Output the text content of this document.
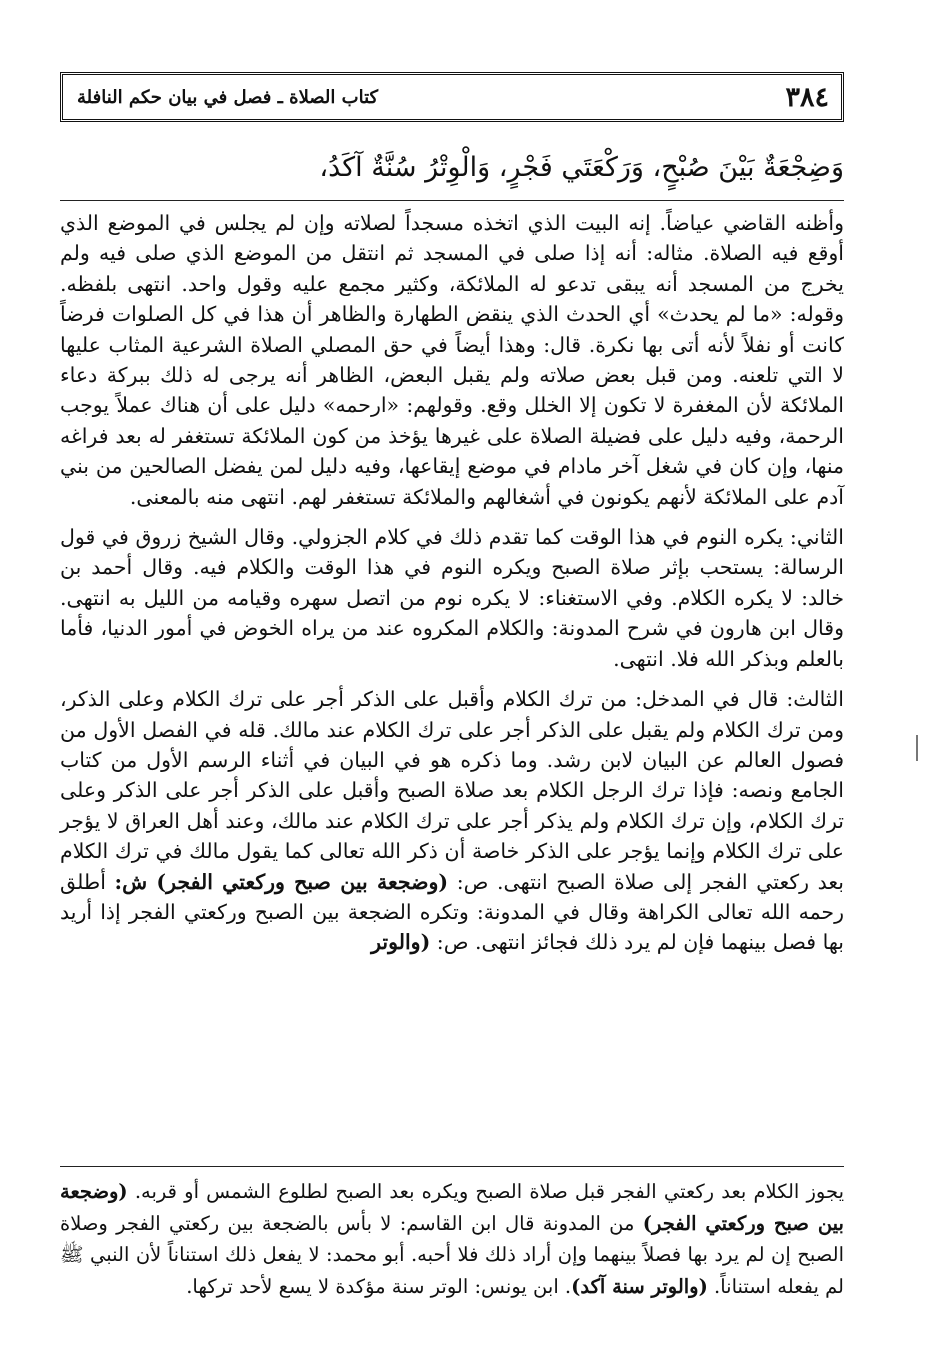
٣٨٤
كتاب الصلاة ـ فصل في بيان حكم النافلة
وَضِجْعَةٌ بَيْنَ صُبْحٍ، وَرَكْعَتَي فَجْرٍ، وَالْوِتْرُ سُنَّةٌ آكَدُ،

وأظنه القاضي عياضاً. إنه البيت الذي اتخذه مسجداً لصلاته وإن لم يجلس في الموضع الذي أوقع فيه الصلاة. مثاله: أنه إذا صلى في المسجد ثم انتقل من الموضع الذي صلى فيه ولم يخرج من المسجد أنه يبقى تدعو له الملائكة، وكثير مجمع عليه وقول واحد. انتهى بلفظه. وقوله: «ما لم يحدث» أي الحدث الذي ينقض الطهارة والظاهر أن هذا في كل الصلوات فرضاً كانت أو نفلاً لأنه أتى بها نكرة. قال: وهذا أيضاً في حق المصلي الصلاة الشرعية المثاب عليها لا التي تلعنه. ومن قبل بعض صلاته ولم يقبل البعض، الظاهر أنه يرجى له ذلك ببركة دعاء الملائكة لأن المغفرة لا تكون إلا الخلل وقع. وقولهم: «ارحمه» دليل على أن هناك عملاً يوجب الرحمة، وفيه دليل على فضيلة الصلاة على غيرها يؤخذ من كون الملائكة تستغفر له بعد فراغه منها، وإن كان في شغل آخر مادام في موضع إيقاعها، وفيه دليل لمن يفضل الصالحين من بني آدم على الملائكة لأنهم يكونون في أشغالهم والملائكة تستغفر لهم. انتهى منه بالمعنى.

الثاني: يكره النوم في هذا الوقت كما تقدم ذلك في كلام الجزولي. وقال الشيخ زروق في قول الرسالة: يستحب بإثر صلاة الصبح ويكره النوم في هذا الوقت والكلام فيه. وقال أحمد بن خالد: لا يكره الكلام. وفي الاستغناء: لا يكره نوم من اتصل سهره وقيامه من الليل به انتهى. وقال ابن هارون في شرح المدونة: والكلام المكروه عند من يراه الخوض في أمور الدنيا، فأما بالعلم وبذكر الله فلا. انتهى.

الثالث: قال في المدخل: من ترك الكلام وأقبل على الذكر أجر على ترك الكلام وعلى الذكر، ومن ترك الكلام ولم يقبل على الذكر أجر على ترك الكلام عند مالك. قله في الفصل الأول من فصول العالم عن البيان لابن رشد. وما ذكره هو في البيان في أثناء الرسم الأول من كتاب الجامع ونصه: فإذا ترك الرجل الكلام بعد صلاة الصبح وأقبل على الذكر أجر على الذكر وعلى ترك الكلام، وإن ترك الكلام ولم يذكر أجر على ترك الكلام عند مالك، وعند أهل العراق لا يؤجر على ترك الكلام وإنما يؤجر على الذكر خاصة أن ذكر الله تعالى كما يقول مالك في ترك الكلام بعد ركعتي الفجر إلى صلاة الصبح انتهى. ص: (وضجعة بين صبح وركعتي الفجر) ش: أطلق رحمه الله تعالى الكراهة وقال في المدونة: وتكره الضجعة بين الصبح وركعتي الفجر إذا أريد بها فصل بينهما فإن لم يرد ذلك فجائز انتهى. ص: (والوتر

يجوز الكلام بعد ركعتي الفجر قبل صلاة الصبح ويكره بعد الصبح لطلوع الشمس أو قربه. (وضجعة بين صبح وركعتي الفجر) من المدونة قال ابن القاسم: لا بأس بالضجعة بين ركعتي الفجر وصلاة الصبح إن لم يرد بها فصلاً بينهما وإن أراد ذلك فلا أحبه. أبو محمد: لا يفعل ذلك استناناً لأن النبي ﷺ لم يفعله استناناً. (والوتر سنة آكد). ابن يونس: الوتر سنة مؤكدة لا يسع لأحد تركها.
